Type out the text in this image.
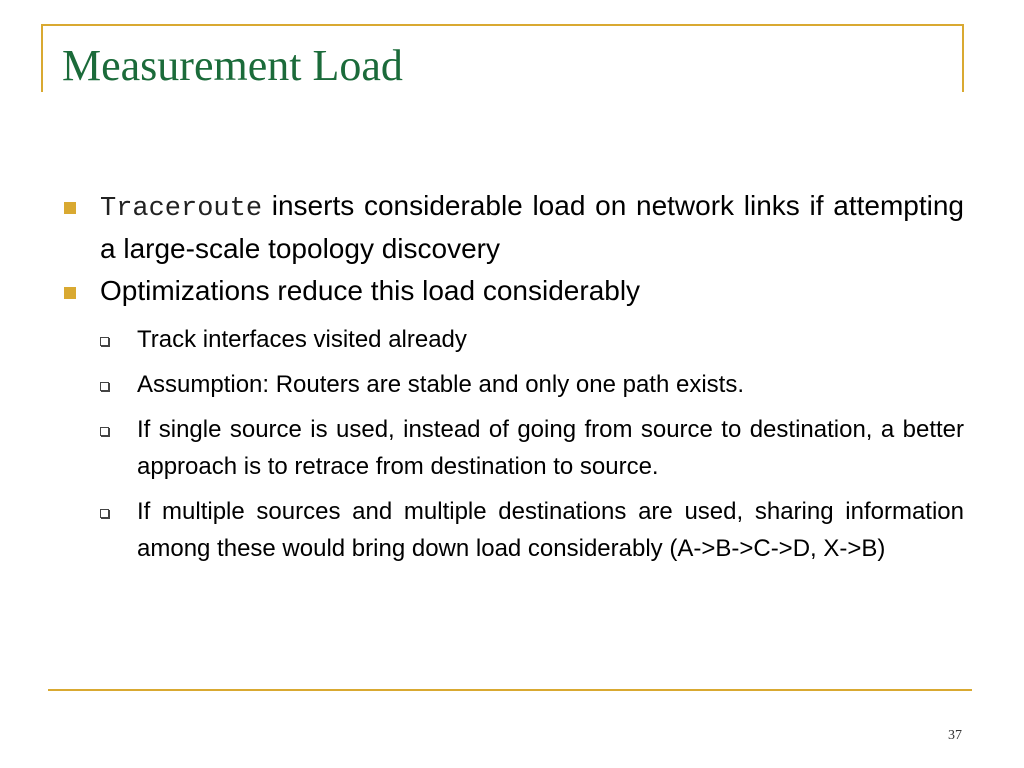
Measurement Load
Traceroute inserts considerable load on network links if attempting a large-scale topology discovery
Optimizations reduce this load considerably
Track interfaces visited already
Assumption: Routers are stable and only one path exists.
If single source is used, instead of going from source to destination, a better approach is to retrace from destination to source.
If multiple sources and multiple destinations are used, sharing information among these would bring down load considerably (A->B->C->D, X->B)
37
